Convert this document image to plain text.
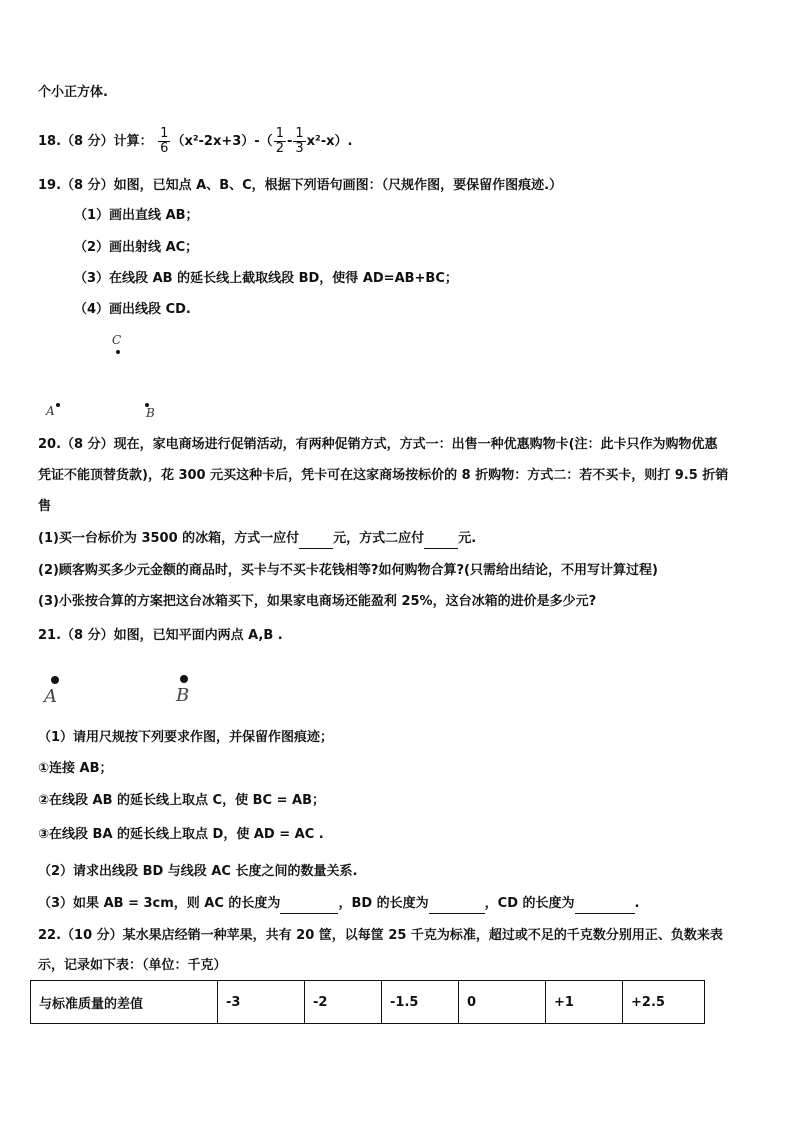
个小正方体.
18.（8 分）计算： $\frac{1}{6} (x^2-2x+3)-( \frac{1}{2} - \frac{1}{3} x^2-x)$.
19.（8 分）如图，已知点 A、B、C，根据下列语句画图：（尺规作图，要保留作图痕迹.）
（1）画出直线 AB；
（2）画出射线 AC；
（3）在线段 AB 的延长线上截取线段 BD，使得 AD=AB+BC；
（4）画出线段 CD.
C
A	B
20.（8 分）现在，家电商场进行促销活动，有两种促销方式，方式一：出售一种优惠购物卡(注：此卡只作为购物优惠
凭证不能顶替货款)，花 300 元买这种卡后，凭卡可在这家商场按标价的 8 折购物：方式二：若不买卡，则打 9.5 折销
售
(1)买一台标价为 3500 的冰箱，方式一应付	元，方式二应付	元.
(2)顾客购买多少元金额的商品时，买卡与不买卡花钱相等?如何购物合算?(只需给出结论，不用写计算过程)
(3)小张按合算的方案把这台冰箱买下，如果家电商场还能盈利 25%，这台冰箱的进价是多少元?
21.（8 分）如图，已知平面内两点 A,B .
A	B
（1）请用尺规按下列要求作图，并保留作图痕迹；
①连接 AB；
②在线段 AB 的延长线上取点 C，使 BC = AB；
③在线段 BA 的延长线上取点 D，使 AD = AC .
（2）请求出线段 BD 与线段 AC 长度之间的数量关系.
（3）如果 AB = 3cm，则 AC 的长度为	，BD 的长度为	，CD 的长度为	.
22.（10 分）某水果店经销一种苹果，共有 20 筐，以每筐 25 千克为标准，超过或不足的千克数分别用正、负数来表
示，记录如下表：（单位：千克）
与标准质量的差值	-3	-2	-1.5	0	+1	+2.5
